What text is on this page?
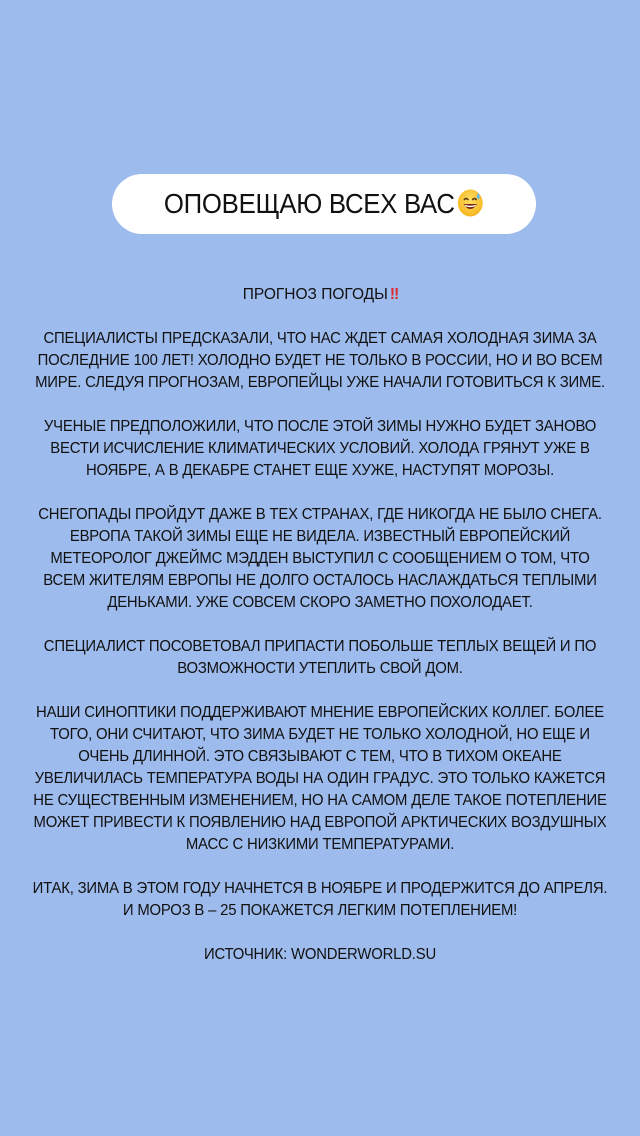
ОПОВЕЩАЮ ВСЕХ ВАС
ПРОГНОЗ ПОГОДЫ ‼

СПЕЦИАЛИСТЫ ПРЕДСКАЗАЛИ, ЧТО НАС ЖДЕТ САМАЯ ХОЛОДНАЯ ЗИМА ЗА ПОСЛЕДНИЕ 100 ЛЕТ! ХОЛОДНО БУДЕТ НЕ ТОЛЬКО В РОССИИ, НО И ВО ВСЕМ МИРЕ. СЛЕДУЯ ПРОГНОЗАМ, ЕВРОПЕЙЦЫ УЖЕ НАЧАЛИ ГОТОВИТЬСЯ К ЗИМЕ.

УЧЕНЫЕ ПРЕДПОЛОЖИЛИ, ЧТО ПОСЛЕ ЭТОЙ ЗИМЫ НУЖНО БУДЕТ ЗАНОВО ВЕСТИ ИСЧИСЛЕНИЕ КЛИМАТИЧЕСКИХ УСЛОВИЙ. ХОЛОДА ГРЯНУТ УЖЕ В НОЯБРЕ, А В ДЕКАБРЕ СТАНЕТ ЕЩЕ ХУЖЕ, НАСТУПЯТ МОРОЗЫ.

СНЕГОПАДЫ ПРОЙДУТ ДАЖЕ В ТЕХ СТРАНАХ, ГДЕ НИКОГДА НЕ БЫЛО СНЕГА. ЕВРОПА ТАКОЙ ЗИМЫ ЕЩЕ НЕ ВИДЕЛА. ИЗВЕСТНЫЙ ЕВРОПЕЙСКИЙ МЕТЕОРОЛОГ ДЖЕЙМС МЭДДЕН ВЫСТУПИЛ С СООБЩЕНИЕМ О ТОМ, ЧТО ВСЕМ ЖИТЕЛЯМ ЕВРОПЫ НЕ ДОЛГО ОСТАЛОСЬ НАСЛАЖДАТЬСЯ ТЕПЛЫМИ ДЕНЬКАМИ. УЖЕ СОВСЕМ СКОРО ЗАМЕТНО ПОХОЛОДАЕТ.

СПЕЦИАЛИСТ ПОСОВЕТОВАЛ ПРИПАСТИ ПОБОЛЬШЕ ТЕПЛЫХ ВЕЩЕЙ И ПО ВОЗМОЖНОСТИ УТЕПЛИТЬ СВОЙ ДОМ.

НАШИ СИНОПТИКИ ПОДДЕРЖИВАЮТ МНЕНИЕ ЕВРОПЕЙСКИХ КОЛЛЕГ. БОЛЕЕ ТОГО, ОНИ СЧИТАЮТ, ЧТО ЗИМА БУДЕТ НЕ ТОЛЬКО ХОЛОДНОЙ, НО ЕЩЕ И ОЧЕНЬ ДЛИННОЙ. ЭТО СВЯЗЫВАЮТ С ТЕМ, ЧТО В ТИХОМ ОКЕАНЕ УВЕЛИЧИЛАСЬ ТЕМПЕРАТУРА ВОДЫ НА ОДИН ГРАДУС. ЭТО ТОЛЬКО КАЖЕТСЯ НЕ СУЩЕСТВЕННЫМ ИЗМЕНЕНИЕМ, НО НА САМОМ ДЕЛЕ ТАКОЕ ПОТЕПЛЕНИЕ МОЖЕТ ПРИВЕСТИ К ПОЯВЛЕНИЮ НАД ЕВРОПОЙ АРКТИЧЕСКИХ ВОЗДУШНЫХ МАСС С НИЗКИМИ ТЕМПЕРАТУРАМИ.

ИТАК, ЗИМА В ЭТОМ ГОДУ НАЧНЕТСЯ В НОЯБРЕ И ПРОДЕРЖИТСЯ ДО АПРЕЛЯ. И МОРОЗ В – 25 ПОКАЖЕТСЯ ЛЕГКИМ ПОТЕПЛЕНИЕМ!

ИСТОЧНИК: WONDERWORLD.SU
